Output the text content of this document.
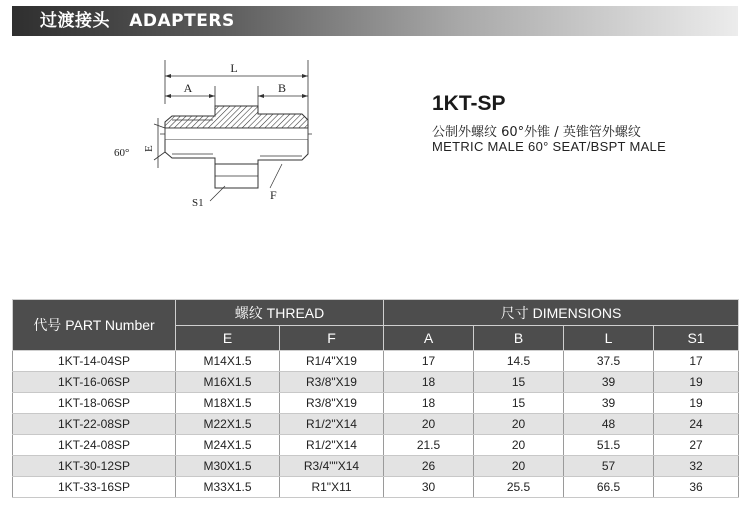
过渡接头   ADAPTERS
L
A	B
60° E
S1
F
1KT-SP
公制外螺纹 60°外锥 / 英锥管外螺纹
METRIC MALE 60° SEAT/BSPT MALE
代号 PART Number	螺纹 THREAD		尺寸 DIMENSIONS			
	E	F	A	B	L	S1
1KT-14-04SP	M14X1.5	R1/4"X19	17	14.5	37.5	17
1KT-16-06SP	M16X1.5	R3/8"X19	18	15	39	19
1KT-18-06SP	M18X1.5	R3/8"X19	18	15	39	19
1KT-22-08SP	M22X1.5	R1/2"X14	20	20	48	24
1KT-24-08SP	M24X1.5	R1/2"X14	21.5	20	51.5	27
1KT-30-12SP	M30X1.5	R3/4""X14	26	20	57	32
1KT-33-16SP	M33X1.5	R1"X11	30	25.5	66.5	36
